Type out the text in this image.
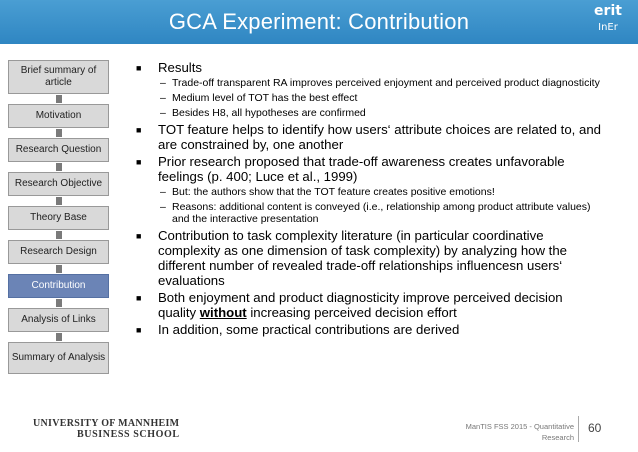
GCA Experiment: Contribution	erit
InEr
Brief summary of article
Motivation
Research Question
Research Objective
Theory Base
Research Design
Contribution
Analysis of Links
Summary of Analysis
■ Results
– Trade-off transparent RA improves perceived enjoyment and perceived product diagnosticity
– Medium level of TOT has the best effect
– Besides H8, all hypotheses are confirmed
■ TOT feature helps to identify how users‘ attribute choices are related to, and are constrained by, one another
■ Prior research proposed that trade-off awareness creates unfavorable feelings (p. 400; Luce et al., 1999)
– But: the authors show that the TOT feature creates positive emotions!
– Reasons: additional content is conveyed (i.e., relationship among product attribute values) and the interactive presentation
■ Contribution to task complexity literature (in particular coordinative complexity as one dimension of task complexity) by analyzing how the different number of revealed trade-off relationships influencesn users‘ evaluations
■ Both enjoyment and product diagnosticity improve perceived decision quality without increasing perceived decision effort
■ In addition, some practical contributions are derived
UNIVERSITY OF MANNHEIM
BUSINESS SCHOOL
ManTIS FSS 2015 - Quantitative
Research
60
